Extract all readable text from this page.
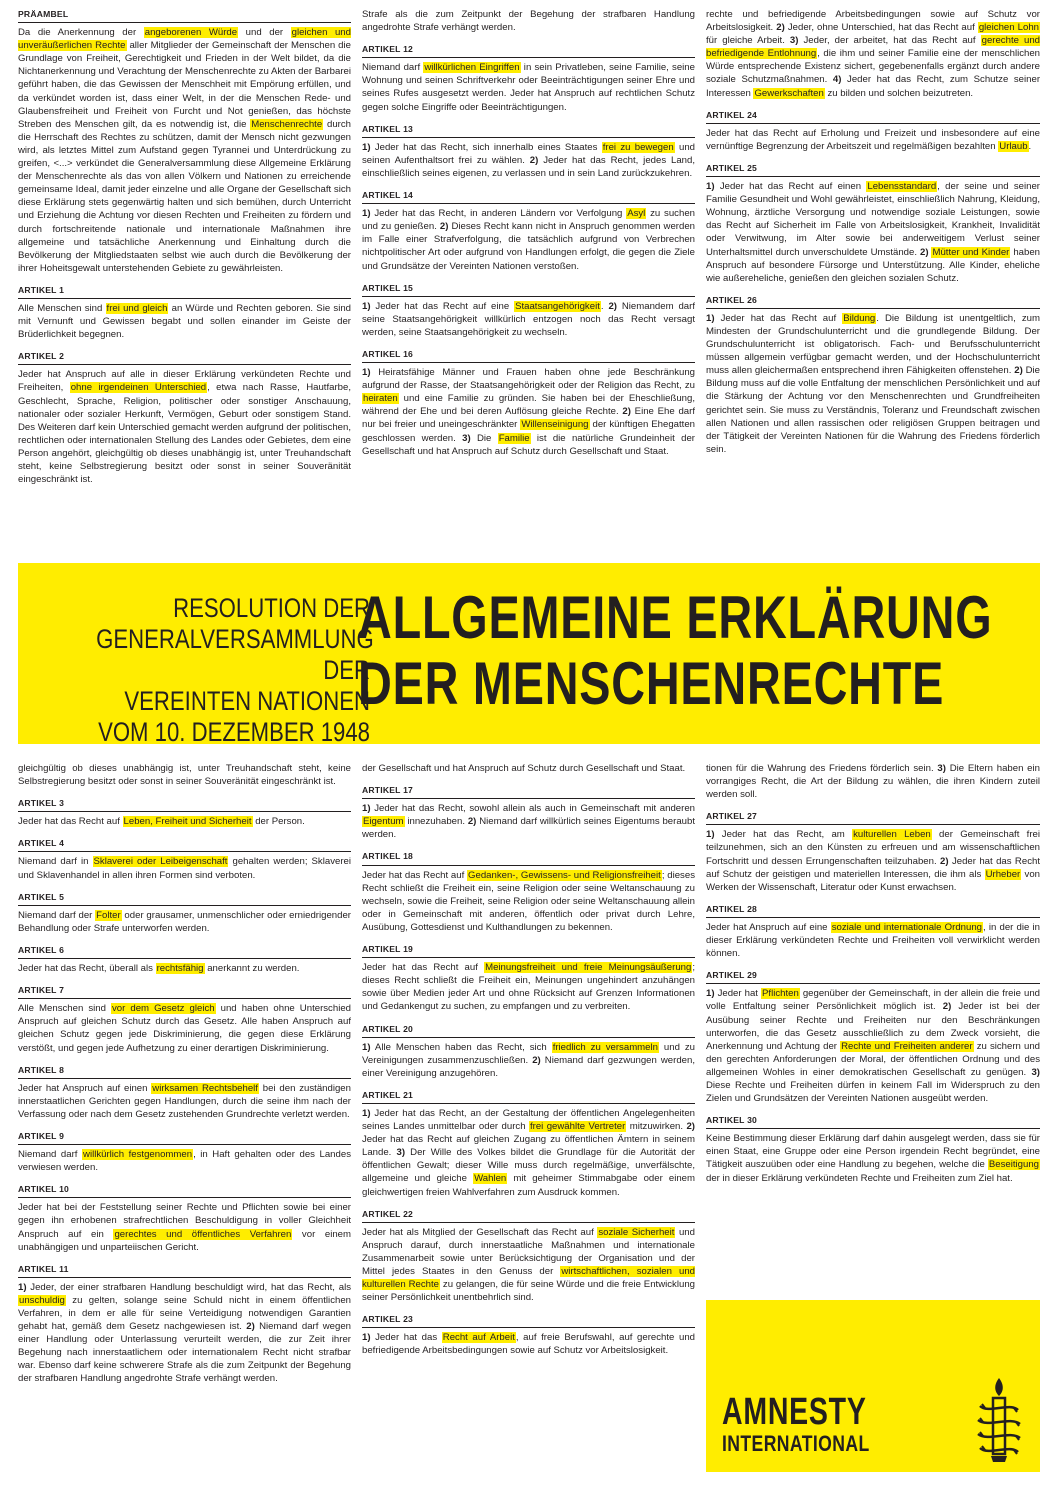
PRÄAMBEL

Da die Anerkennung der angeborenen Würde und der gleichen und unveräußerlichen Rechte aller Mitglieder der Gemeinschaft der Menschen die Grundlage von Freiheit, Gerechtigkeit und Frieden in der Welt bildet, da die Nichtanerkennung und Verachtung der Menschenrechte zu Akten der Barbarei geführt haben, die das Gewissen der Menschheit mit Empörung erfüllen, und da verkündet worden ist, dass einer Welt, in der die Menschen Rede- und Glaubensfreiheit und Freiheit von Furcht und Not genießen, das höchste Streben des Menschen gilt, da es notwendig ist, die Menschenrechte durch die Herrschaft des Rechtes zu schützen, damit der Mensch nicht gezwungen wird, als letztes Mittel zum Aufstand gegen Tyrannei und Unterdrückung zu greifen, <...> verkündet die Generalversammlung diese Allgemeine Erklärung der Menschenrechte als das von allen Völkern und Nationen zu erreichende gemeinsame Ideal, damit jeder einzelne und alle Organe der Gesellschaft sich diese Erklärung stets gegenwärtig halten und sich bemühen, durch Unterricht und Erziehung die Achtung vor diesen Rechten und Freiheiten zu fördern und durch fortschreitende nationale und internationale Maßnahmen ihre allgemeine und tatsächliche Anerkennung und Einhaltung durch die Bevölkerung der Mitgliedstaaten selbst wie auch durch die Bevölkerung der ihrer Hoheitsgewalt unterstehenden Gebiete zu gewährleisten.

ARTIKEL 1

Alle Menschen sind frei und gleich an Würde und Rechten geboren. Sie sind mit Vernunft und Gewissen begabt und sollen einander im Geiste der Brüderlichkeit begegnen.

ARTIKEL 2

Jeder hat Anspruch auf alle in dieser Erklärung verkündeten Rechte und Freiheiten, ohne irgendeinen Unterschied, etwa nach Rasse, Hautfarbe, Geschlecht, Sprache, Religion, politischer oder sonstiger Anschauung, nationaler oder sozialer Herkunft, Vermögen, Geburt oder sonstigem Stand. Des Weiteren darf kein Unterschied gemacht werden aufgrund der politischen, rechtlichen oder internationalen Stellung des Landes oder Gebietes, dem eine Person angehört, gleichgültig ob dieses unabhängig ist, unter Treuhandschaft steht, keine Selbstregierung besitzt oder sonst in seiner Souveränität eingeschränkt ist.

gleichgültig ob dieses unabhängig ist, unter Treuhandschaft steht, keine Selbstregierung besitzt oder sonst in seiner Souveränität eingeschränkt ist.

ARTIKEL 3

Jeder hat das Recht auf Leben, Freiheit und Sicherheit der Person.

ARTIKEL 4

Niemand darf in Sklaverei oder Leibeigenschaft gehalten werden; Sklaverei und Sklavenhandel in allen ihren Formen sind verboten.

ARTIKEL 5

Niemand darf der Folter oder grausamer, unmenschlicher oder erniedrigender Behandlung oder Strafe unterworfen werden.

ARTIKEL 6

Jeder hat das Recht, überall als rechtsfähig anerkannt zu werden.

ARTIKEL 7

Alle Menschen sind vor dem Gesetz gleich und haben ohne Unterschied Anspruch auf gleichen Schutz durch das Gesetz. Alle haben Anspruch auf gleichen Schutz gegen jede Diskriminierung, die gegen diese Erklärung verstößt, und gegen jede Aufhetzung zu einer derartigen Diskriminierung.

ARTIKEL 8

Jeder hat Anspruch auf einen wirksamen Rechtsbehelf bei den zuständigen innerstaatlichen Gerichten gegen Handlungen, durch die seine ihm nach der Verfassung oder nach dem Gesetz zustehenden Grundrechte verletzt werden.

ARTIKEL 9

Niemand darf willkürlich festgenommen, in Haft gehalten oder des Landes verwiesen werden.

ARTIKEL 10

Jeder hat bei der Feststellung seiner Rechte und Pflichten sowie bei einer gegen ihn erhobenen strafrechtlichen Beschuldigung in voller Gleichheit Anspruch auf ein gerechtes und öffentliches Verfahren vor einem unabhängigen und unparteiischen Gericht.

ARTIKEL 11

1) Jeder, der einer strafbaren Handlung beschuldigt wird, hat das Recht, als unschuldig zu gelten, solange seine Schuld nicht in einem öffentlichen Verfahren, in dem er alle für seine Verteidigung notwendigen Garantien gehabt hat, gemäß dem Gesetz nachgewiesen ist. 2) Niemand darf wegen einer Handlung oder Unterlassung verurteilt werden, die zur Zeit ihrer Begehung nach innerstaatlichem oder internationalem Recht nicht strafbar war. Ebenso darf keine schwerere Strafe als die zum Zeitpunkt der Begehung der strafbaren Handlung angedrohte Strafe verhängt werden.

Strafe als die zum Zeitpunkt der Begehung der strafbaren Handlung angedrohte Strafe verhängt werden.

ARTIKEL 12

Niemand darf willkürlichen Eingriffen in sein Privatleben, seine Familie, seine Wohnung und seinen Schriftverkehr oder Beeinträchtigungen seiner Ehre und seines Rufes ausgesetzt werden. Jeder hat Anspruch auf rechtlichen Schutz gegen solche Eingriffe oder Beeinträchtigungen.

ARTIKEL 13

1) Jeder hat das Recht, sich innerhalb eines Staates frei zu bewegen und seinen Aufenthaltsort frei zu wählen. 2) Jeder hat das Recht, jedes Land, einschließlich seines eigenen, zu verlassen und in sein Land zurückzukehren.

ARTIKEL 14

1) Jeder hat das Recht, in anderen Ländern vor Verfolgung Asyl zu suchen und zu genießen. 2) Dieses Recht kann nicht in Anspruch genommen werden im Falle einer Strafverfolgung, die tatsächlich aufgrund von Verbrechen nichtpolitischer Art oder aufgrund von Handlungen erfolgt, die gegen die Ziele und Grundsätze der Vereinten Nationen verstoßen.

ARTIKEL 15

1) Jeder hat das Recht auf eine Staatsangehörigkeit. 2) Niemandem darf seine Staatsangehörigkeit willkürlich entzogen noch das Recht versagt werden, seine Staatsangehörigkeit zu wechseln.

ARTIKEL 16

1) Heiratsfähige Männer und Frauen haben ohne jede Beschränkung aufgrund der Rasse, der Staatsangehörigkeit oder der Religion das Recht, zu heiraten und eine Familie zu gründen. Sie haben bei der Eheschließung, während der Ehe und bei deren Auflösung gleiche Rechte. 2) Eine Ehe darf nur bei freier und uneingeschränkter Willenseinigung der künftigen Ehegatten geschlossen werden. 3) Die Familie ist die natürliche Grundeinheit der Gesellschaft und hat Anspruch auf Schutz durch Gesellschaft und Staat.

der Gesellschaft und hat Anspruch auf Schutz durch Gesellschaft und Staat.

ARTIKEL 17

1) Jeder hat das Recht, sowohl allein als auch in Gemeinschaft mit anderen Eigentum innezuhaben. 2) Niemand darf willkürlich seines Eigentums beraubt werden.

ARTIKEL 18

Jeder hat das Recht auf Gedanken-, Gewissens- und Religionsfreiheit; dieses Recht schließt die Freiheit ein, seine Religion oder seine Weltanschauung zu wechseln, sowie die Freiheit, seine Religion oder seine Weltanschauung allein oder in Gemeinschaft mit anderen, öffentlich oder privat durch Lehre, Ausübung, Gottesdienst und Kulthandlungen zu bekennen.

ARTIKEL 19

Jeder hat das Recht auf Meinungsfreiheit und freie Meinungsäußerung; dieses Recht schließt die Freiheit ein, Meinungen ungehindert anzuhängen sowie über Medien jeder Art und ohne Rücksicht auf Grenzen Informationen und Gedankengut zu suchen, zu empfangen und zu verbreiten.

ARTIKEL 20

1) Alle Menschen haben das Recht, sich friedlich zu versammeln und zu Vereinigungen zusammenzuschließen. 2) Niemand darf gezwungen werden, einer Vereinigung anzugehören.

ARTIKEL 21

1) Jeder hat das Recht, an der Gestaltung der öffentlichen Angelegenheiten seines Landes unmittelbar oder durch frei gewählte Vertreter mitzuwirken. 2) Jeder hat das Recht auf gleichen Zugang zu öffentlichen Ämtern in seinem Lande. 3) Der Wille des Volkes bildet die Grundlage für die Autorität der öffentlichen Gewalt; dieser Wille muss durch regelmäßige, unverfälschte, allgemeine und gleiche Wahlen mit geheimer Stimmabgabe oder einem gleichwertigen freien Wahlverfahren zum Ausdruck kommen.

ARTIKEL 22

Jeder hat als Mitglied der Gesellschaft das Recht auf soziale Sicherheit und Anspruch darauf, durch innerstaatliche Maßnahmen und internationale Zusammenarbeit sowie unter Berücksichtigung der Organisation und der Mittel jedes Staates in den Genuss der wirtschaftlichen, sozialen und kulturellen Rechte zu gelangen, die für seine Würde und die freie Entwicklung seiner Persönlichkeit unentbehrlich sind.

ARTIKEL 23

1) Jeder hat das Recht auf Arbeit, auf freie Berufswahl, auf gerechte und befriedigende Arbeitsbedingungen sowie auf Schutz vor Arbeitslosigkeit.

rechte und befriedigende Arbeitsbedingungen sowie auf Schutz vor Arbeitslosigkeit. 2) Jeder, ohne Unterschied, hat das Recht auf gleichen Lohn für gleiche Arbeit. 3) Jeder, der arbeitet, hat das Recht auf gerechte und befriedigende Entlohnung, die ihm und seiner Familie eine der menschlichen Würde entsprechende Existenz sichert, gegebenenfalls ergänzt durch andere soziale Schutzmaßnahmen. 4) Jeder hat das Recht, zum Schutze seiner Interessen Gewerkschaften zu bilden und solchen beizutreten.

ARTIKEL 24

Jeder hat das Recht auf Erholung und Freizeit und insbesondere auf eine vernünftige Begrenzung der Arbeitszeit und regelmäßigen bezahlten Urlaub.

ARTIKEL 25

1) Jeder hat das Recht auf einen Lebensstandard, der seine und seiner Familie Gesundheit und Wohl gewährleistet, einschließlich Nahrung, Kleidung, Wohnung, ärztliche Versorgung und notwendige soziale Leistungen, sowie das Recht auf Sicherheit im Falle von Arbeitslosigkeit, Krankheit, Invalidität oder Verwitwung, im Alter sowie bei anderweitigem Verlust seiner Unterhaltsmittel durch unverschuldete Umstände. 2) Mütter und Kinder haben Anspruch auf besondere Fürsorge und Unterstützung. Alle Kinder, eheliche wie außereheliche, genießen den gleichen sozialen Schutz.

ARTIKEL 26

1) Jeder hat das Recht auf Bildung. Die Bildung ist unentgeltlich, zum Mindesten der Grundschulunterricht und die grundlegende Bildung. Der Grundschulunterricht ist obligatorisch. Fach- und Berufsschulunterricht müssen allgemein verfügbar gemacht werden, und der Hochschulunterricht muss allen gleichermaßen entsprechend ihren Fähigkeiten offenstehen. 2) Die Bildung muss auf die volle Entfaltung der menschlichen Persönlichkeit und auf die Stärkung der Achtung vor den Menschenrechten und Grundfreiheiten gerichtet sein. Sie muss zu Verständnis, Toleranz und Freundschaft zwischen allen Nationen und allen rassischen oder religiösen Gruppen beitragen und der Tätigkeit der Vereinten Nationen für die Wahrung des Friedens förderlich sein.

tionen für die Wahrung des Friedens förderlich sein. 3) Die Eltern haben ein vorrangiges Recht, die Art der Bildung zu wählen, die ihren Kindern zuteil werden soll.

ARTIKEL 27

1) Jeder hat das Recht, am kulturellen Leben der Gemeinschaft frei teilzunehmen, sich an den Künsten zu erfreuen und am wissenschaftlichen Fortschritt und dessen Errungenschaften teilzuhaben. 2) Jeder hat das Recht auf Schutz der geistigen und materiellen Interessen, die ihm als Urheber von Werken der Wissenschaft, Literatur oder Kunst erwachsen.

ARTIKEL 28

Jeder hat Anspruch auf eine soziale und internationale Ordnung, in der die in dieser Erklärung verkündeten Rechte und Freiheiten voll verwirklicht werden können.

ARTIKEL 29

1) Jeder hat Pflichten gegenüber der Gemeinschaft, in der allein die freie und volle Entfaltung seiner Persönlichkeit möglich ist. 2) Jeder ist bei der Ausübung seiner Rechte und Freiheiten nur den Beschränkungen unterworfen, die das Gesetz ausschließlich zu dem Zweck vorsieht, die Anerkennung und Achtung der Rechte und Freiheiten anderer zu sichern und den gerechten Anforderungen der Moral, der öffentlichen Ordnung und des allgemeinen Wohles in einer demokratischen Gesellschaft zu genügen. 3) Diese Rechte und Freiheiten dürfen in keinem Fall im Widerspruch zu den Zielen und Grundsätzen der Vereinten Nationen ausgeübt werden.

ARTIKEL 30

Keine Bestimmung dieser Erklärung darf dahin ausgelegt werden, dass sie für einen Staat, eine Gruppe oder eine Person irgendein Recht begründet, eine Tätigkeit auszuüben oder eine Handlung zu begehen, welche die Beseitigung der in dieser Erklärung verkündeten Rechte und Freiheiten zum Ziel hat.

RESOLUTION DER
GENERALVERSAMMLUNG DER
VEREINTEN NATIONEN
VOM 10. DEZEMBER 1948
ALLGEMEINE ERKLÄRUNG
DER MENSCHENRECHTE
AMNESTY
INTERNATIONAL
